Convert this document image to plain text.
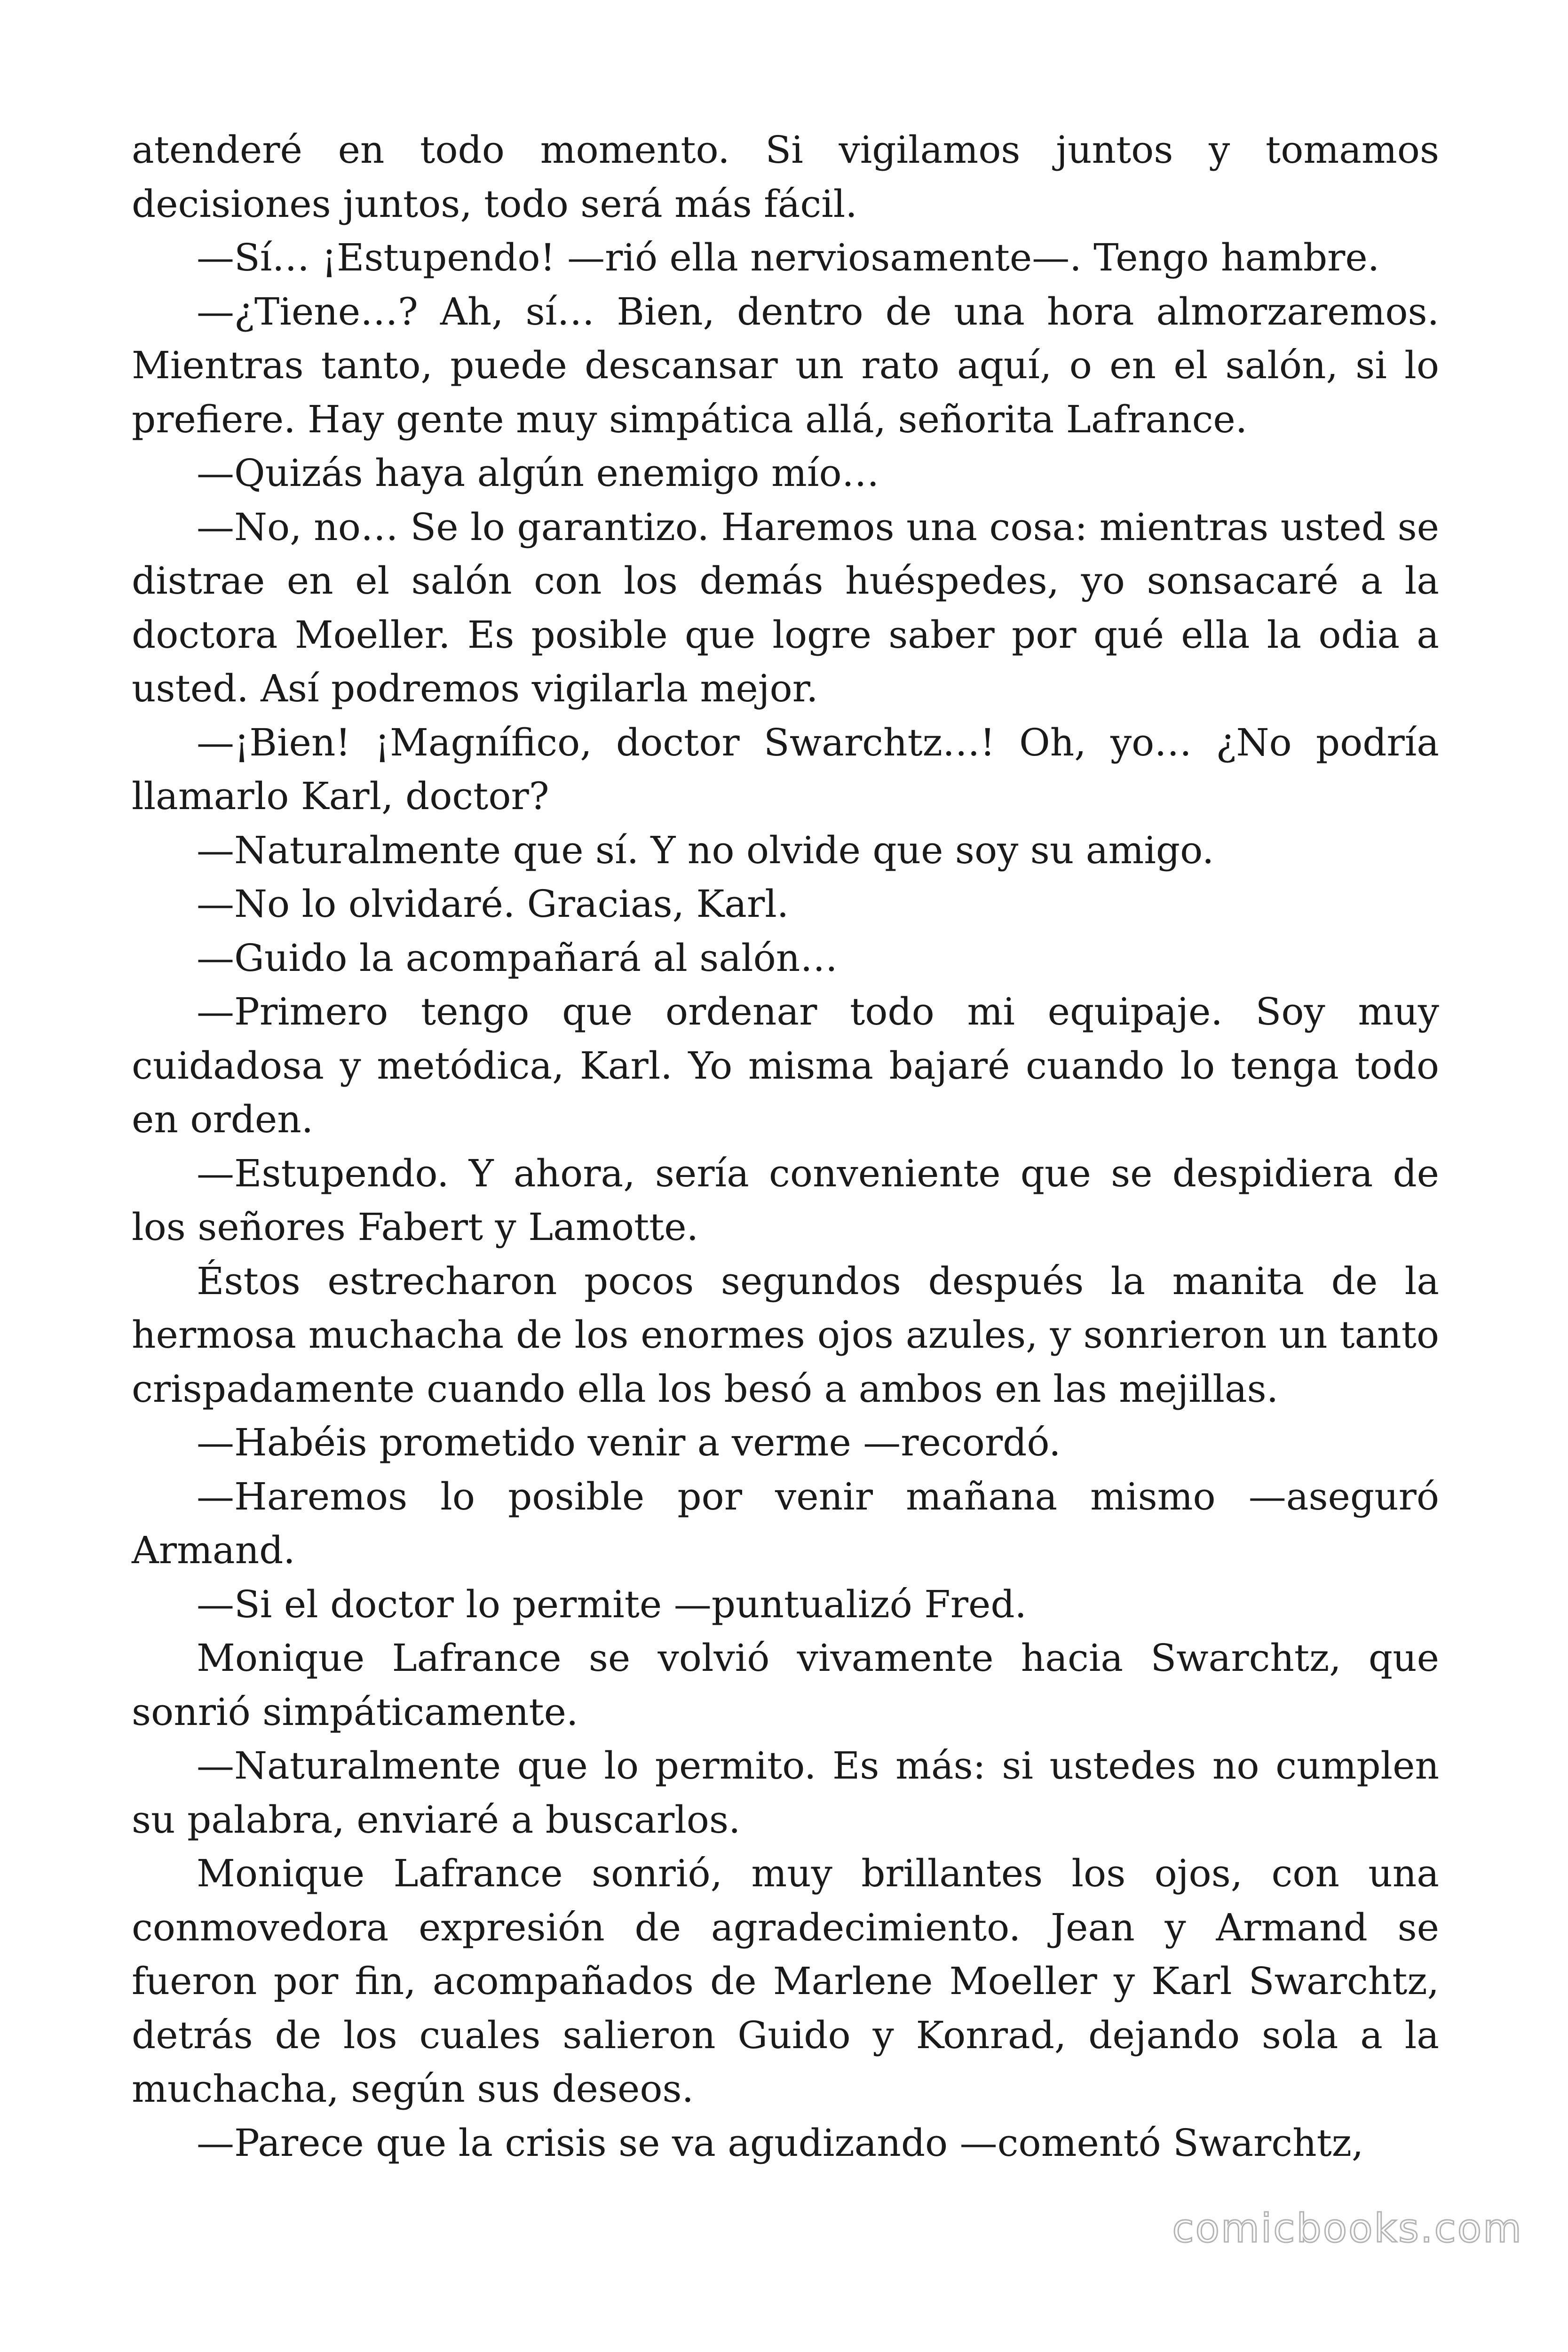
atenderé en todo momento. Si vigilamos juntos y tomamos decisiones juntos, todo será más fácil.

—Sí… ¡Estupendo! —rió ella nerviosamente—. Tengo hambre.

—¿Tiene…? Ah, sí… Bien, dentro de una hora almorzaremos. Mientras tanto, puede descansar un rato aquí, o en el salón, si lo prefiere. Hay gente muy simpática allá, señorita Lafrance.

—Quizás haya algún enemigo mío…

—No, no… Se lo garantizo. Haremos una cosa: mientras usted se distrae en el salón con los demás huéspedes, yo sonsacaré a la doctora Moeller. Es posible que logre saber por qué ella la odia a usted. Así podremos vigilarla mejor.

—¡Bien! ¡Magnífico, doctor Swarchtz…! Oh, yo… ¿No podría llamarlo Karl, doctor?

—Naturalmente que sí. Y no olvide que soy su amigo.

—No lo olvidaré. Gracias, Karl.

—Guido la acompañará al salón…

—Primero tengo que ordenar todo mi equipaje. Soy muy cuidadosa y metódica, Karl. Yo misma bajaré cuando lo tenga todo en orden.

—Estupendo. Y ahora, sería conveniente que se despidiera de los señores Fabert y Lamotte.

Éstos estrecharon pocos segundos después la manita de la hermosa muchacha de los enormes ojos azules, y sonrieron un tanto crispadamente cuando ella los besó a ambos en las mejillas.

—Habéis prometido venir a verme —recordó.

—Haremos lo posible por venir mañana mismo —aseguró Armand.

—Si el doctor lo permite —puntualizó Fred.

Monique Lafrance se volvió vivamente hacia Swarchtz, que sonrió simpáticamente.

—Naturalmente que lo permito. Es más: si ustedes no cumplen su palabra, enviaré a buscarlos.

Monique Lafrance sonrió, muy brillantes los ojos, con una conmovedora expresión de agradecimiento. Jean y Armand se fueron por fin, acompañados de Marlene Moeller y Karl Swarchtz, detrás de los cuales salieron Guido y Konrad, dejando sola a la muchacha, según sus deseos.

—Parece que la crisis se va agudizando —comentó Swarchtz,

comicbooks.com
